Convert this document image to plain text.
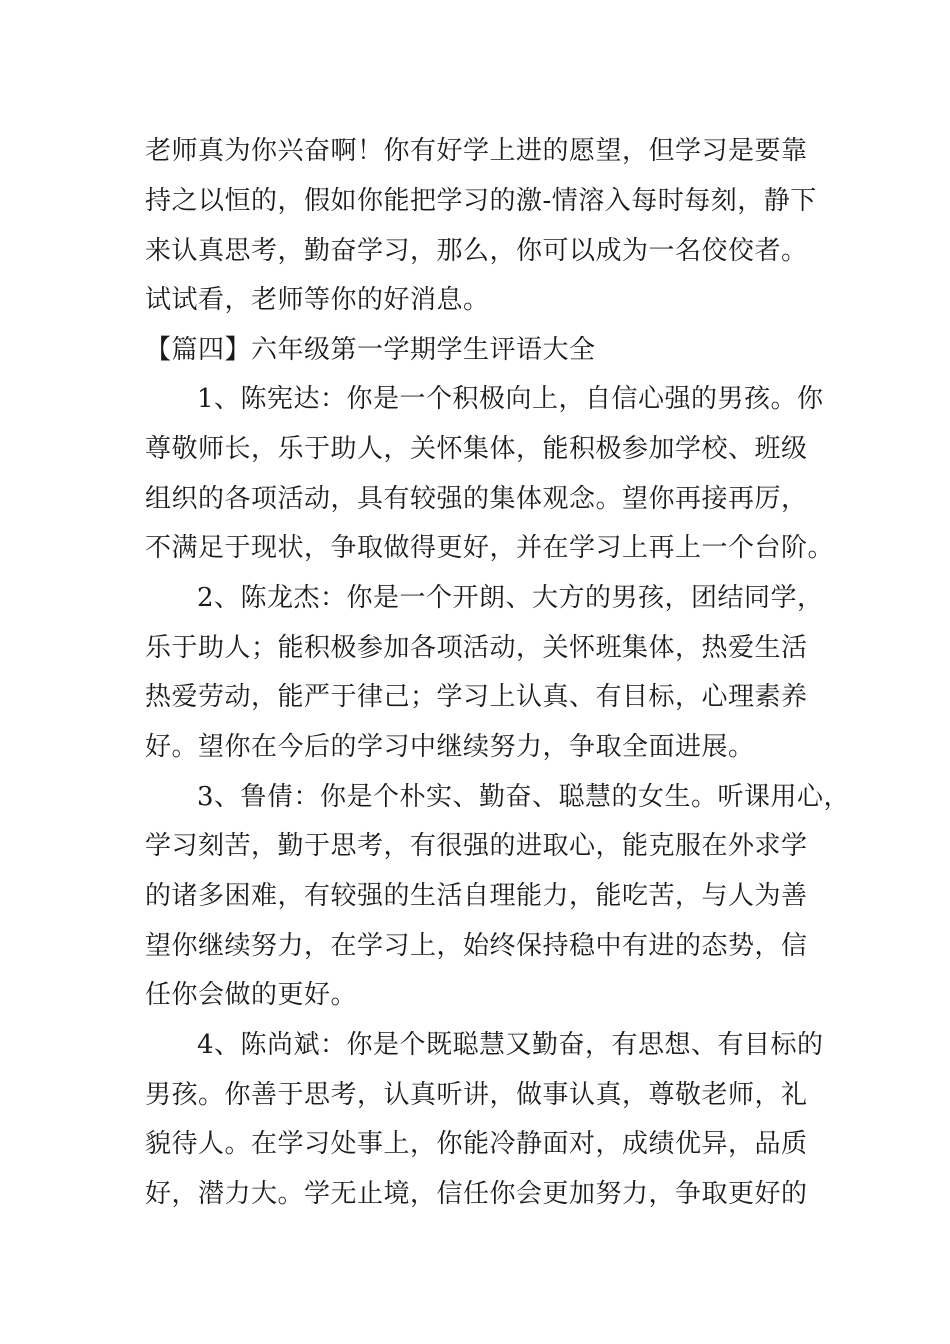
老师真为你兴奋啊！你有好学上进的愿望，但学习是要靠
持之以恒的，假如你能把学习的激-情溶入每时每刻，静下
来认真思考，勤奋学习，那么，你可以成为一名佼佼者。
试试看，老师等你的好消息。
【篇四】六年级第一学期学生评语大全
1、陈宪达：你是一个积极向上，自信心强的男孩。你
尊敬师长，乐于助人，关怀集体，能积极参加学校、班级
组织的各项活动，具有较强的集体观念。望你再接再厉，
不满足于现状，争取做得更好，并在学习上再上一个台阶。
2、陈龙杰：你是一个开朗、大方的男孩，团结同学，
乐于助人；能积极参加各项活动，关怀班集体，热爱生活
热爱劳动，能严于律己；学习上认真、有目标，心理素养
好。望你在今后的学习中继续努力，争取全面进展。
3、鲁倩：你是个朴实、勤奋、聪慧的女生。听课用心，
学习刻苦，勤于思考，有很强的进取心，能克服在外求学
的诸多困难，有较强的生活自理能力，能吃苦，与人为善
望你继续努力，在学习上，始终保持稳中有进的态势，信
任你会做的更好。
4、陈尚斌：你是个既聪慧又勤奋，有思想、有目标的
男孩。你善于思考，认真听讲，做事认真，尊敬老师，礼
貌待人。在学习处事上，你能冷静面对，成绩优异，品质
好，潜力大。学无止境，信任你会更加努力，争取更好的
